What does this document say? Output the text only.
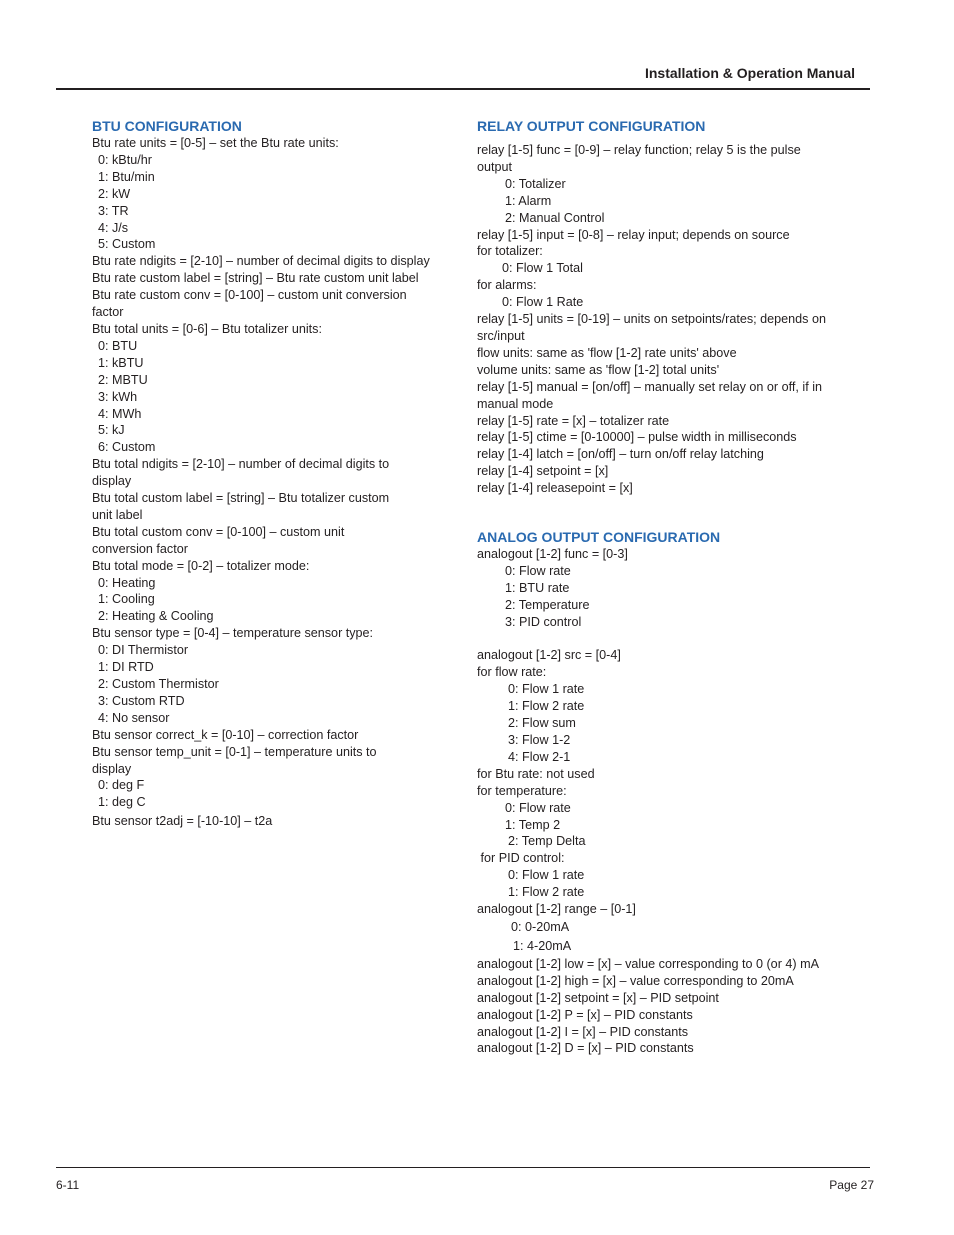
Installation & Operation Manual
BTU CONFIGURATION
Btu rate units = [0-5] – set the Btu rate units:
0: kBtu/hr
1: Btu/min
2: kW
3: TR
4: J/s
5: Custom
Btu rate ndigits = [2-10] – number of decimal digits to display
Btu rate custom label = [string] – Btu rate custom unit label
Btu rate custom conv = [0-100] – custom unit conversion
factor
Btu total units = [0-6] – Btu totalizer units:
0: BTU
1: kBTU
2: MBTU
3: kWh
4: MWh
5: kJ
6: Custom
Btu total ndigits = [2-10] – number of decimal digits to
display
Btu total custom label = [string] – Btu totalizer custom
unit label
Btu total custom conv = [0-100] – custom unit
conversion factor
Btu total mode = [0-2] – totalizer mode:
0: Heating
1: Cooling
2: Heating & Cooling
Btu sensor type = [0-4] – temperature sensor type:
0: DI Thermistor
1: DI RTD
2: Custom Thermistor
3: Custom RTD
4: No sensor
Btu sensor correct_k = [0-10] – correction factor
Btu sensor temp_unit = [0-1] – temperature units to
display
0: deg F
1: deg C
Btu sensor t2adj = [-10-10] – t2a
RELAY OUTPUT CONFIGURATION
relay [1-5] func = [0-9] – relay function; relay 5 is the pulse
output
0: Totalizer
1: Alarm
2: Manual Control
relay [1-5] input = [0-8] – relay input; depends on source
for totalizer:
0: Flow 1 Total
for alarms:
0: Flow 1 Rate
relay [1-5] units = [0-19] – units on setpoints/rates; depends on
src/input
flow units: same as 'flow [1-2] rate units' above
volume units: same as 'flow [1-2] total units'
relay [1-5] manual = [on/off] – manually set relay on or off, if in
manual mode
relay [1-5] rate = [x] – totalizer rate
relay [1-5] ctime = [0-10000] – pulse width in milliseconds
relay [1-4] latch = [on/off] – turn on/off relay latching
relay [1-4] setpoint = [x]
relay [1-4] releasepoint = [x]
ANALOG OUTPUT CONFIGURATION
analogout [1-2] func = [0-3]
0: Flow rate
1: BTU rate
2: Temperature
3: PID control
analogout [1-2] src = [0-4]
for flow rate:
0: Flow 1 rate
1: Flow 2 rate
2: Flow sum
3: Flow 1-2
4: Flow 2-1
for Btu rate: not used
for temperature:
0: Flow rate
1: Temp 2
2: Temp Delta
for PID control:
0: Flow 1 rate
1: Flow 2 rate
analogout [1-2] range – [0-1]
0: 0-20mA
1: 4-20mA
analogout [1-2] low = [x] – value corresponding to 0 (or 4) mA
analogout [1-2] high = [x] – value corresponding to 20mA
analogout [1-2] setpoint = [x] – PID setpoint
analogout [1-2] P = [x] – PID constants
analogout [1-2] I = [x] – PID constants
analogout [1-2] D = [x] – PID constants
6-11	Page 27
